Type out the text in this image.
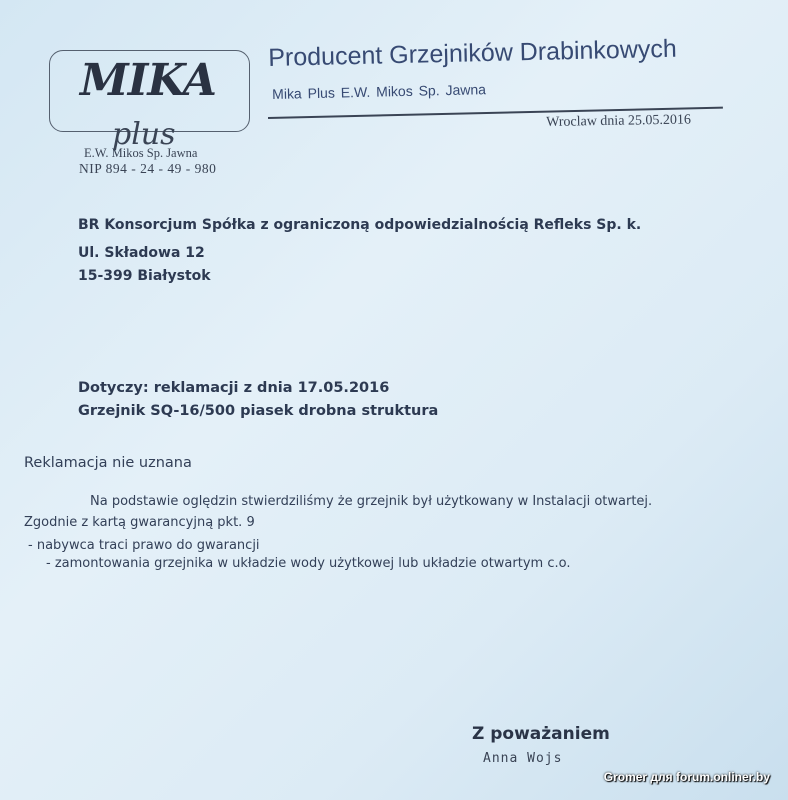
MIKA
plus
E.W. Mikos Sp. Jawna
NIP 894 - 24 - 49 - 980
Producent Grzejników Drabinkowych
Mika Plus E.W. Mikos Sp. Jawna
Wroclaw dnia 25.05.2016
BR Konsorcjum Spółka z ograniczoną odpowiedzialnością Refleks Sp. k.
Ul. Składowa 12
15-399 Białystok
Dotyczy: reklamacji z dnia 17.05.2016
Grzejnik SQ-16/500 piasek drobna struktura
Reklamacja nie uznana
Na podstawie oględzin stwierdziliśmy że grzejnik był użytkowany w Instalacji otwartej.
Zgodnie z kartą gwarancyjną pkt. 9
- nabywca traci prawo do gwarancji
- zamontowania grzejnika w układzie wody użytkowej lub układzie otwartym c.o.
Z poważaniem
Anna Wojs
Gromer для forum.onliner.by
